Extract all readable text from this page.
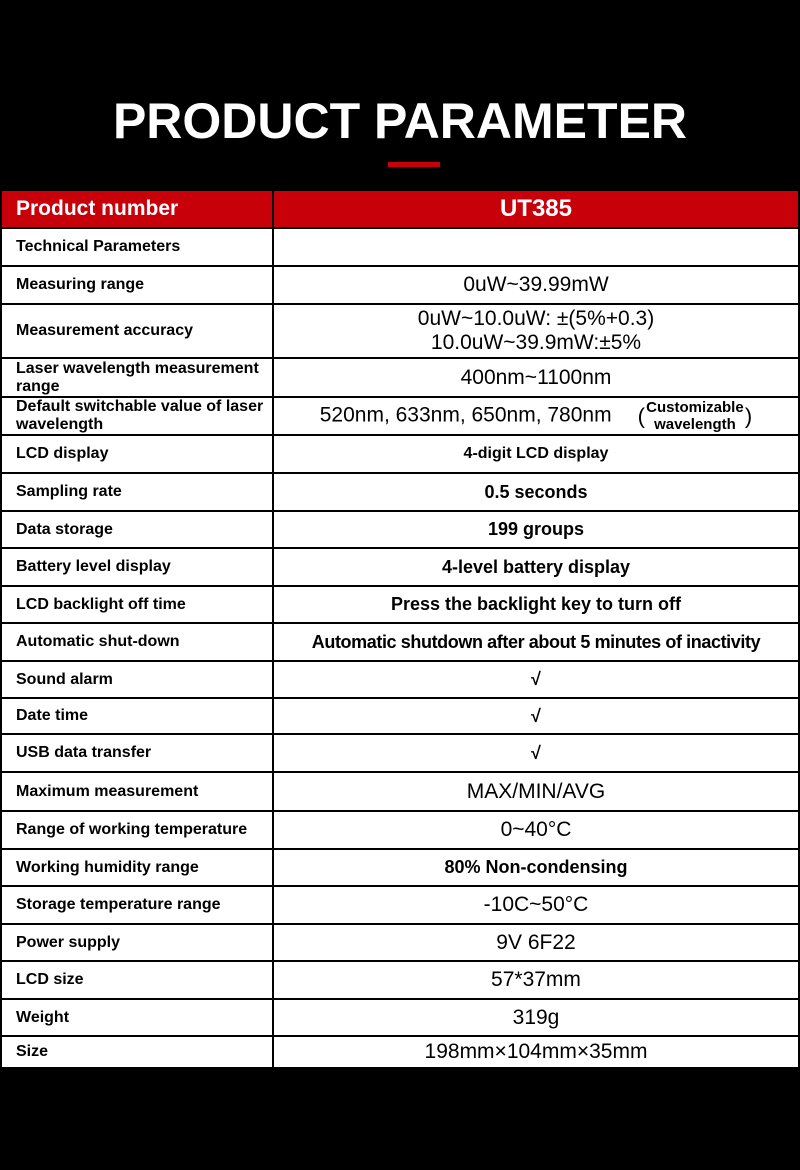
PRODUCT PARAMETER
Product number	UT385
Technical Parameters	
Measuring range	0uW~39.99mW
Measurement accuracy	0uW~10.0uW: ±(5%+0.3)
10.0uW~39.9mW:±5%

Laser wavelength measurement range	400nm~1100nm
Default switchable value of laser wavelength	520nm, 633nm, 650nm, 780nm (Customizable wavelength )
LCD display	4-digit LCD display
Sampling rate	0.5 seconds
Data storage	199 groups
Battery level display	4-level battery display
LCD backlight off time	Press the backlight key to turn off
Automatic shut-down	Automatic shutdown after about 5 minutes of inactivity
Sound alarm	√
Date time	√
USB data transfer	√
Maximum measurement	MAX/MIN/AVG
Range of working temperature	0~40°C
Working humidity range	80% Non-condensing
Storage temperature range	-10C~50°C
Power supply	9V 6F22
LCD size	57*37mm
Weight	319g
Size	198mm×104mm×35mm
